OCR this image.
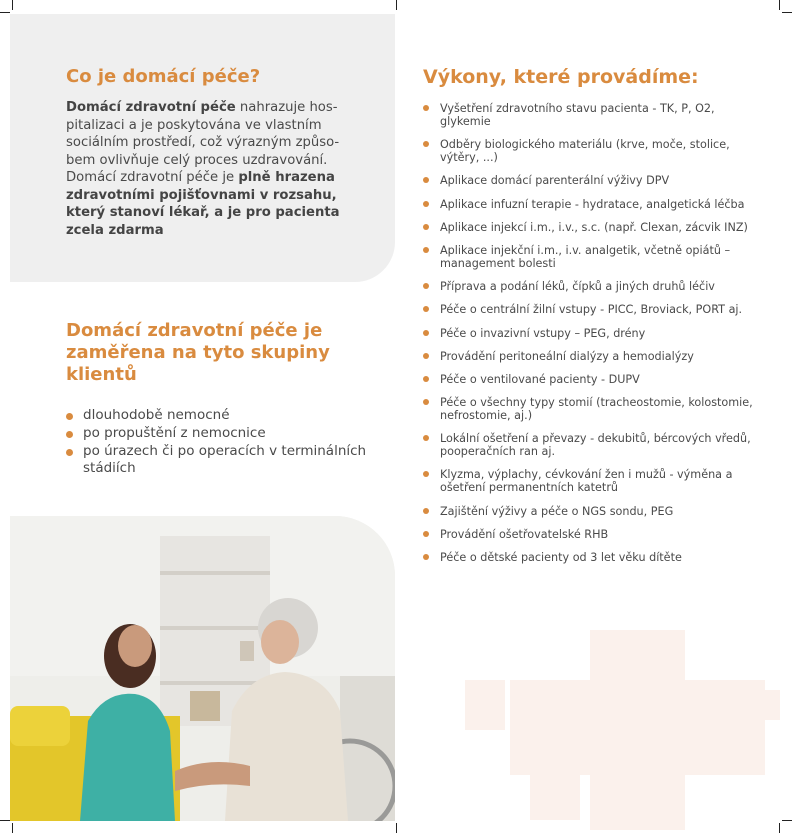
Co je domácí péče?

Domácí zdravotní péče nahrazuje hos-pitalizaci a je poskytována ve vlastním sociálním prostředí, což výrazným způso-bem ovlivňuje celý proces uzdravování. Domácí zdravotní péče je plně hrazena zdravotními pojišťovnami v rozsahu, který stanoví lékař, a je pro pacienta zcela zdarma

Domácí zdravotní péče je zaměřena na tyto skupiny klientů
dlouhodobě nemocné
po propuštění z nemocnice
po úrazech či po operacích v terminálních stádiích
Výkony, které provádíme:
Vyšetření zdravotního stavu pacienta - TK, P, O2, glykemie
Odběry biologického materiálu (krve, moče, stolice, výtěry, ...)
Aplikace domácí parenterální výživy DPV
Aplikace infuzní terapie - hydratace, analgetická léčba
Aplikace injekcí i.m., i.v., s.c. (např. Clexan, zácvik INZ)
Aplikace injekční i.m., i.v. analgetik, včetně opiátů – management bolesti
Příprava a podání léků, čípků a jiných druhů léčiv
Péče o centrální žilní vstupy - PICC, Broviack, PORT aj.
Péče o invazivní vstupy – PEG, drény
Provádění peritoneální dialýzy a hemodialýzy
Péče o ventilované pacienty - DUPV
Péče o všechny typy stomií (tracheostomie, kolostomie, nefrostomie, aj.)
Lokální ošetření a převazy - dekubitů, bércových vředů, pooperačních ran aj.
Klyzma, výplachy, cévkování žen i mužů - výměna a ošetření permanentních katetrů
Zajištění výživy a péče o NGS sondu, PEG
Provádění ošetřovatelské RHB
Péče o dětské pacienty od 3 let věku dítěte
